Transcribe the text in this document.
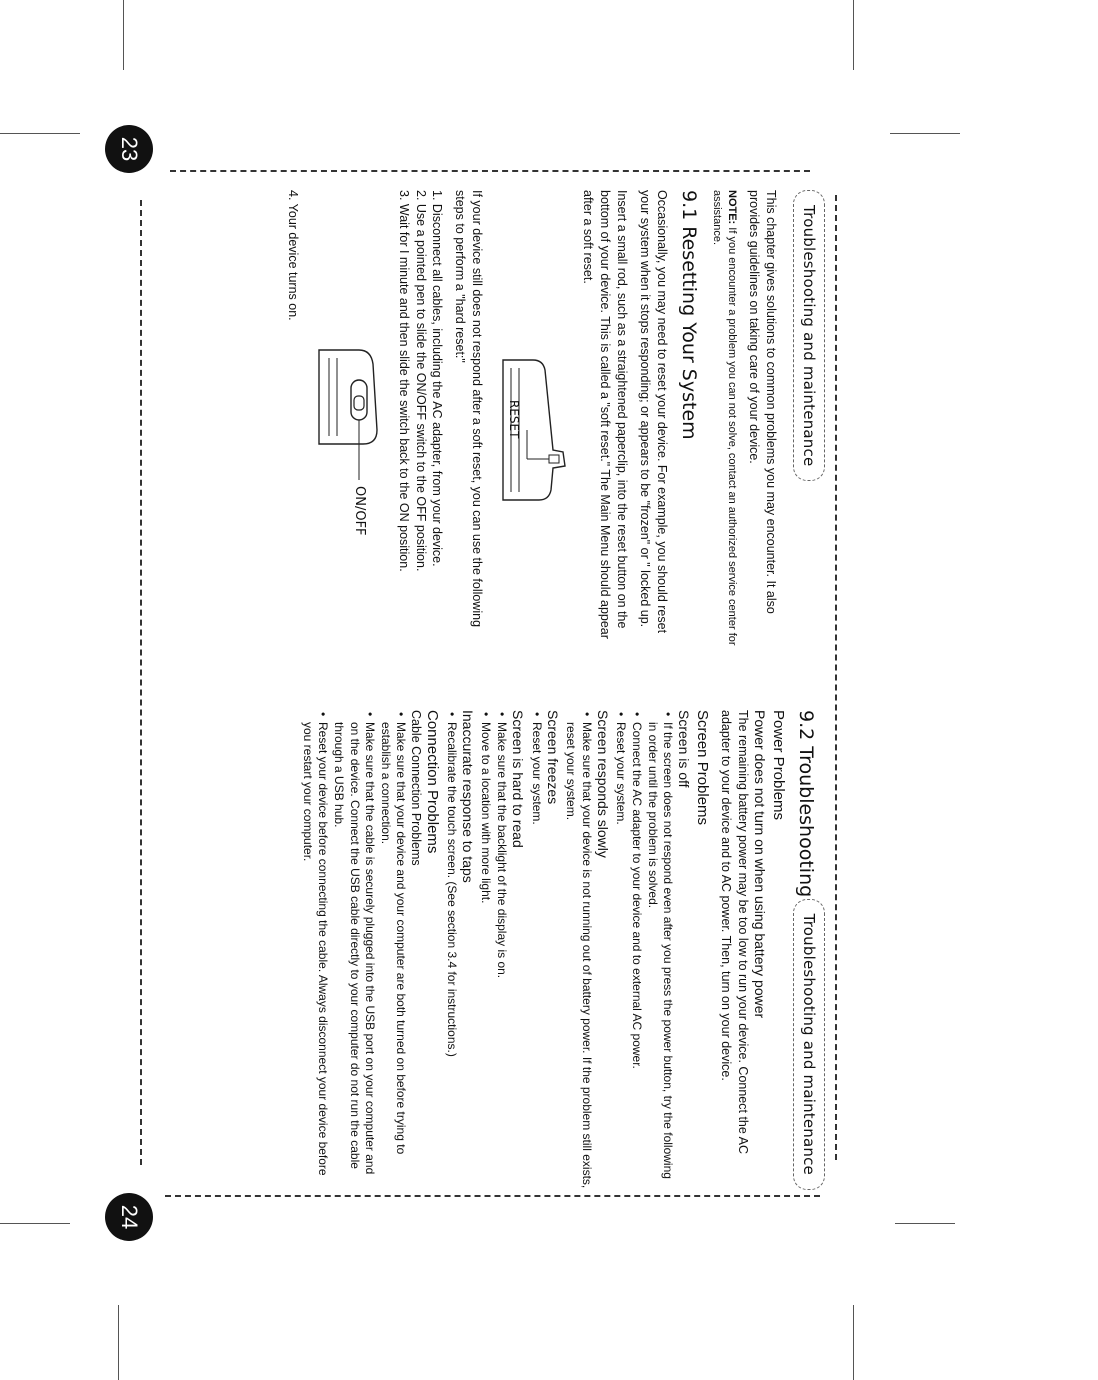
23
24
Troubleshooting and maintenance

This chapter gives solutions to common problems you may encounter. It also provides guidelines on taking care of your device.

NOTE: If you encounter a problem you can not solve, contact an authorized service center for assistance.

9.1 Resetting Your System

Occasionally, you may need to reset your device. For example, you should reset your system when it stops responding; or appears to be "frozen" or " locked up.

Insert a small rod, such as a straightened paperclip, into the reset button on the bottom of your device. This is called a "soft reset." The Main Menu should appear after a soft reset.

RESET

If your device still does not respond after a soft reset, you can use the following steps to perform a "hard reset:"

1. Disconnect all cables, including the AC adapter, from your device.
2. Use a pointed pen to slide the ON/OFF switch to the OFF position.
3. Wait for I minute and then slide the switch back to the ON position.
ON/OFF

4. Your device turns on.

Troubleshooting and maintenance
9.2 Troubleshooting
Power Problems
Power does not turn on when using battery power

The remaining battery power may be too low to run your device. Connect the AC adapter to your device and to AC power. Then, turn on your device.

Screen Problems
Screen is off
• If the screen does not respond even after you press the power button, try the following in order until the problem is solved.
• Connect the AC adapter to your device and to external AC power.
• Reset your system.
Screen responds slowly
• Make sure that your device is not running out of battery power. If the problem still exists, reset your system.
Screen freezes
• Reset your system.
Screen is hard to read
• Make sure that the backlight of the display is on.
• Move to a location with more light.
Inaccurate response to taps
• Recalibrate the touch screen. (See section 3.4 for instructions.)
Connection Problems
Cable Connection Problems
• Make sure that your device and your computer are both turned on before trying to establish a connection.
• Make sure that the cable is securely plugged into the USB port on your computer and on the device. Connect the USB cable directly to your computer do not run the cable through a USB hub.
• Reset your device before connecting the cable. Always disconnect your device before you restart your computer.
